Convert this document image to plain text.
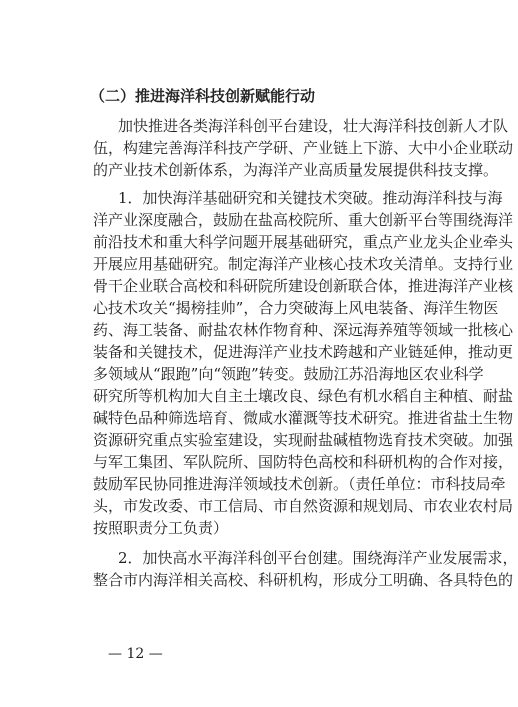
（二）推进海洋科技创新赋能行动
加快推进各类海洋科创平台建设，壮大海洋科技创新人才队
伍，构建完善海洋科技产学研、产业链上下游、大中小企业联动
的产业技术创新体系，为海洋产业高质量发展提供科技支撑。
1．加快海洋基础研究和关键技术突破。推动海洋科技与海
洋产业深度融合，鼓励在盐高校院所、重大创新平台等围绕海洋
前沿技术和重大科学问题开展基础研究，重点产业龙头企业牵头
开展应用基础研究。制定海洋产业核心技术攻关清单。支持行业
骨干企业联合高校和科研院所建设创新联合体，推进海洋产业核
心技术攻关“揭榜挂帅”，合力突破海上风电装备、海洋生物医
药、海工装备、耐盐农林作物育种、深远海养殖等领域一批核心
装备和关键技术，促进海洋产业技术跨越和产业链延伸，推动更
多领域从“跟跑”向“领跑”转变。鼓励江苏沿海地区农业科学
研究所等机构加大自主土壤改良、绿色有机水稻自主种植、耐盐
碱特色品种筛选培育、微咸水灌溉等技术研究。推进省盐土生物
资源研究重点实验室建设，实现耐盐碱植物选育技术突破。加强
与军工集团、军队院所、国防特色高校和科研机构的合作对接，
鼓励军民协同推进海洋领域技术创新。（责任单位：市科技局牵
头，市发改委、市工信局、市自然资源和规划局、市农业农村局
按照职责分工负责）
2．加快高水平海洋科创平台创建。围绕海洋产业发展需求，
整合市内海洋相关高校、科研机构，形成分工明确、各具特色的
— 12 —
